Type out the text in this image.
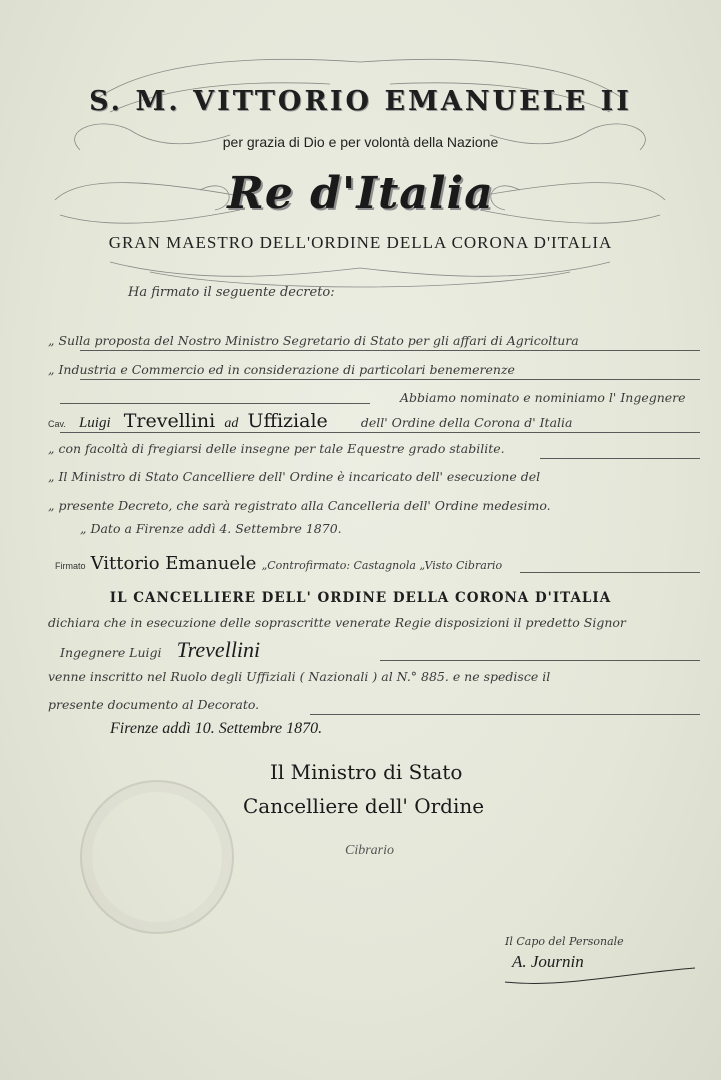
S. M. VITTORIO EMANUELE II
per grazia di Dio e per volontà della Nazione
Re d'Italia
GRAN MAESTRO DELL'ORDINE DELLA CORONA D'ITALIA
Ha firmato il seguente decreto:
„ Sulla proposta del Nostro Ministro Segretario di Stato per gli affari di Agricoltura
„ Industria e Commercio ed in considerazione di particolari benemerenze
Abbiamo nominato e nominiamo l' Ingegnere
Cav. Luigi Trevellini ad Uffiziale	dell' Ordine della Corona d' Italia
„ con facoltà di fregiarsi delle insegne per tale Equestre grado stabilite.
„ Il Ministro di Stato Cancelliere dell' Ordine è incaricato dell' esecuzione del
„ presente Decreto, che sarà registrato alla Cancelleria dell' Ordine medesimo.
„ Dato a Firenze addì 4. Settembre 1870.
Firmato Vittorio Emanuele „Controfirmato: Castagnola „Visto Cibrario
IL CANCELLIERE DELL' ORDINE DELLA CORONA D'ITALIA
dichiara che in esecuzione delle soprascritte venerate Regie disposizioni il predetto Signor
Ingegnere Luigi Trevellini
venne inscritto nel Ruolo degli Uffiziali ( Nazionali ) al N.° 885. e ne spedisce il
presente documento al Decorato.
Firenze addì 10. Settembre 1870.
Il Ministro di Stato
Cancelliere dell' Ordine
Cibrario
Il Capo del Personale
A. Journin
